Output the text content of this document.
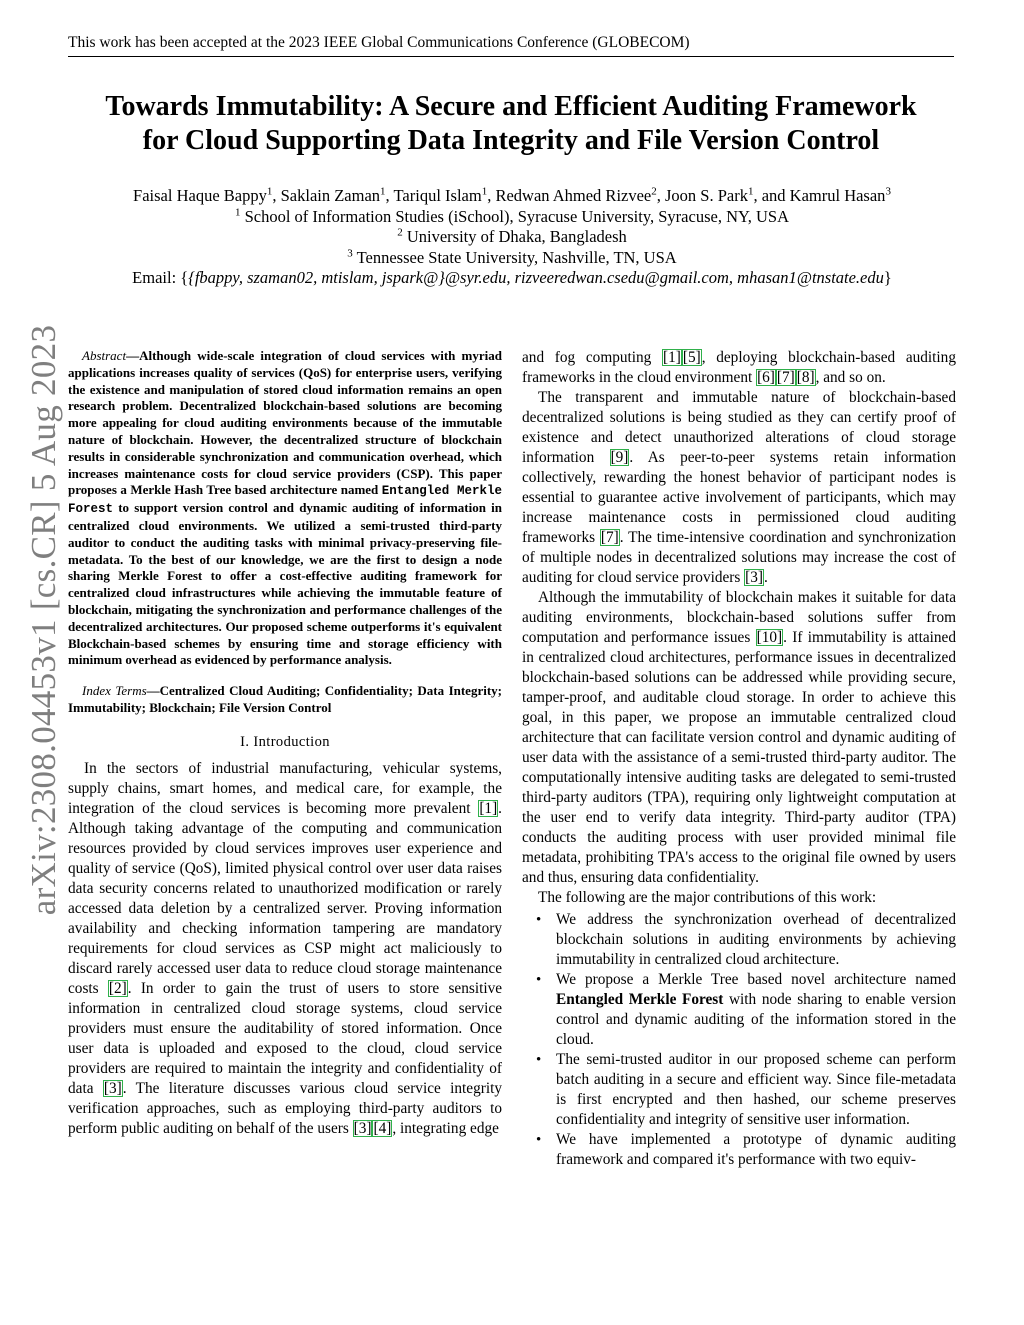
This work has been accepted at the 2023 IEEE Global Communications Conference (GLOBECOM)
arXiv:2308.04453v1 [cs.CR] 5 Aug 2023
Towards Immutability: A Secure and Efficient Auditing Framework
for Cloud Supporting Data Integrity and File Version Control
Faisal Haque Bappy$^1$, Saklain Zaman$^1$, Tariqul Islam$^1$, Redwan Ahmed Rizvee$^2$, Joon S. Park$^1$, and Kamrul Hasan$^3$
$^1$ School of Information Studies (iSchool), Syracuse University, Syracuse, NY, USA
$^2$ University of Dhaka, Bangladesh
$^3$ Tennessee State University, Nashville, TN, USA
Email: {{fbappy, szaman02, mtislam, jspark@}@syr.edu, rizveeredwan.csedu@gmail.com, mhasan1@tnstate.edu}

Abstract—Although wide-scale integration of cloud services with myriad applications increases quality of services (QoS) for enterprise users, verifying the existence and manipulation of stored cloud information remains an open research problem. Decentralized blockchain-based solutions are becoming more appealing for cloud auditing environments because of the immutable nature of blockchain. However, the decentralized structure of blockchain results in considerable synchronization and communication overhead, which increases maintenance costs for cloud service providers (CSP). This paper proposes a Merkle Hash Tree based architecture named Entangled Merkle Forest to support version control and dynamic auditing of information in centralized cloud environments. We utilized a semi-trusted third-party auditor to conduct the auditing tasks with minimal privacy-preserving file-metadata. To the best of our knowledge, we are the first to design a node sharing Merkle Forest to offer a cost-effective auditing framework for centralized cloud infrastructures while achieving the immutable feature of blockchain, mitigating the synchronization and performance challenges of the decentralized architectures. Our proposed scheme outperforms it's equivalent Blockchain-based schemes by ensuring time and storage efficiency with minimum overhead as evidenced by performance analysis.

Index Terms—Centralized Cloud Auditing; Confidentiality; Data Integrity; Immutability; Blockchain; File Version Control

I. Introduction

In the sectors of industrial manufacturing, vehicular systems, supply chains, smart homes, and medical care, for example, the integration of the cloud services is becoming more prevalent [1]. Although taking advantage of the computing and communication resources provided by cloud services improves user experience and quality of service (QoS), limited physical control over user data raises data security concerns related to unauthorized modification or rarely accessed data deletion by a centralized server. Proving information availability and checking information tampering are mandatory requirements for cloud services as CSP might act maliciously to discard rarely accessed user data to reduce cloud storage maintenance costs [2]. In order to gain the trust of users to store sensitive information in centralized cloud storage systems, cloud service providers must ensure the auditability of stored information. Once user data is uploaded and exposed to the cloud, cloud service providers are required to maintain the integrity and confidentiality of data [3]. The literature discusses various cloud service integrity verification approaches, such as employing third-party auditors to perform public auditing on behalf of the users [3] [4], integrating edge

and fog computing [1] [5], deploying blockchain-based auditing frameworks in the cloud environment [6] [7] [8], and so on.

The transparent and immutable nature of blockchain-based decentralized solutions is being studied as they can certify proof of existence and detect unauthorized alterations of cloud storage information [9]. As peer-to-peer systems retain information collectively, rewarding the honest behavior of participant nodes is essential to guarantee active involvement of participants, which may increase maintenance costs in permissioned cloud auditing frameworks [7]. The time-intensive coordination and synchronization of multiple nodes in decentralized solutions may increase the cost of auditing for cloud service providers [3].

Although the immutability of blockchain makes it suitable for data auditing environments, blockchain-based solutions suffer from computation and performance issues [10]. If immutability is attained in centralized cloud architectures, performance issues in decentralized blockchain-based solutions can be addressed while providing secure, tamper-proof, and auditable cloud storage. In order to achieve this goal, in this paper, we propose an immutable centralized cloud architecture that can facilitate version control and dynamic auditing of user data with the assistance of a semi-trusted third-party auditor. The computationally intensive auditing tasks are delegated to semi-trusted third-party auditors (TPA), requiring only lightweight computation at the user end to verify data integrity. Third-party auditor (TPA) conducts the auditing process with user provided minimal file metadata, prohibiting TPA's access to the original file owned by users and thus, ensuring data confidentiality.

The following are the major contributions of this work:

• We address the synchronization overhead of decentralized blockchain solutions in auditing environments by achieving immutability in centralized cloud architecture.
• We propose a Merkle Tree based novel architecture named Entangled Merkle Forest with node sharing to enable version control and dynamic auditing of the information stored in the cloud.
• The semi-trusted auditor in our proposed scheme can perform batch auditing in a secure and efficient way. Since file-metadata is first encrypted and then hashed, our scheme preserves confidentiality and integrity of sensitive user information.
• We have implemented a prototype of dynamic auditing framework and compared it's performance with two equiv-
